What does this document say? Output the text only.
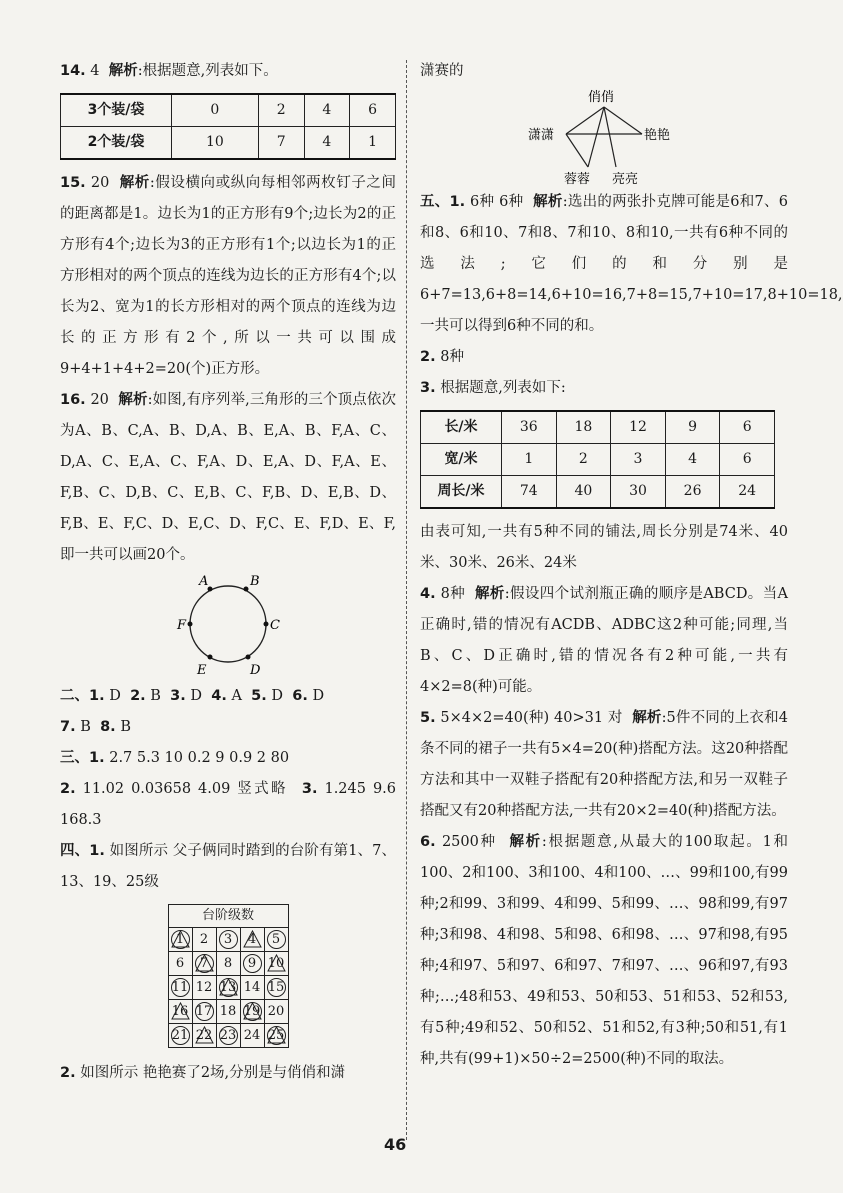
14. 4 解析:根据题意,列表如下。

3个装/袋	0	2	4	6
2个装/袋	10	7	4	1

15. 20 解析:假设横向或纵向每相邻两枚钉子之间的距离都是1。边长为1的正方形有9个;边长为2的正方形有4个;边长为3的正方形有1个;以边长为1的正方形相对的两个顶点的连线为边长的正方形有4个;以长为2、宽为1的长方形相对的两个顶点的连线为边长的正方形有2个,所以一共可以围成9+4+1+4+2=20(个)正方形。

16. 20 解析:如图,有序列举,三角形的三个顶点依次为A、B、C,A、B、D,A、B、E,A、B、F,A、C、D,A、C、E,A、C、F,A、D、E,A、D、F,A、E、F,B、C、D,B、C、E,B、C、F,B、D、E,B、D、F,B、E、F,C、D、E,C、D、F,C、E、F,D、E、F,即一共可以画20个。

A	B
C
D
E
F

二、1. D 2. B 3. D 4. A 5. D 6. D
7. B 8. B

三、1. 2.7 5.3 10 0.2 9 0.9 2 80
2. 11.02 0.03658 4.09 竖式略 3. 1.245 9.6 168.3

四、1. 如图所示 父子俩同时踏到的台阶有第1、7、13、19、25级

台阶级数				

1	2	3	4	5
6	7	8	9	10

11	12	13	14	15

16	17	18	19	20

21	22	23	24	25

2. 如图所示 艳艳赛了2场,分别是与俏俏和潇

潇赛的

俏俏
潇潇	艳艳
蓉蓉 亮亮

五、1. 6种 6种 解析:选出的两张扑克牌可能是6和7、6和8、6和10、7和8、7和10、8和10,一共有6种不同的选法;它们的和分别是6+7=13,6+8=14,6+10=16,7+8=15,7+10=17,8+10=18,一共可以得到6种不同的和。

2. 8种

3. 根据题意,列表如下:

长/米	36	18	12	9	6
宽/米	1	2	3	4	6
周长/米	74	40	30	26	24

由表可知,一共有5种不同的铺法,周长分别是74米、40米、30米、26米、24米

4. 8种 解析:假设四个试剂瓶正确的顺序是ABCD。当A正确时,错的情况有ACDB、ADBC这2种可能;同理,当B、C、D正确时,错的情况各有2种可能,一共有4×2=8(种)可能。

5. 5×4×2=40(种) 40>31 对 解析:5件不同的上衣和4条不同的裙子一共有5×4=20(种)搭配方法。这20种搭配方法和其中一双鞋子搭配有20种搭配方法,和另一双鞋子搭配又有20种搭配方法,一共有20×2=40(种)搭配方法。

6. 2500种 解析:根据题意,从最大的100取起。1和100、2和100、3和100、4和100、…、99和100,有99种;2和99、3和99、4和99、5和99、…、98和99,有97种;3和98、4和98、5和98、6和98、…、97和98,有95种;4和97、5和97、6和97、7和97、…、96和97,有93种;…;48和53、49和53、50和53、51和53、52和53,有5种;49和52、50和52、51和52,有3种;50和51,有1种,共有(99+1)×50÷2=2500(种)不同的取法。

46
